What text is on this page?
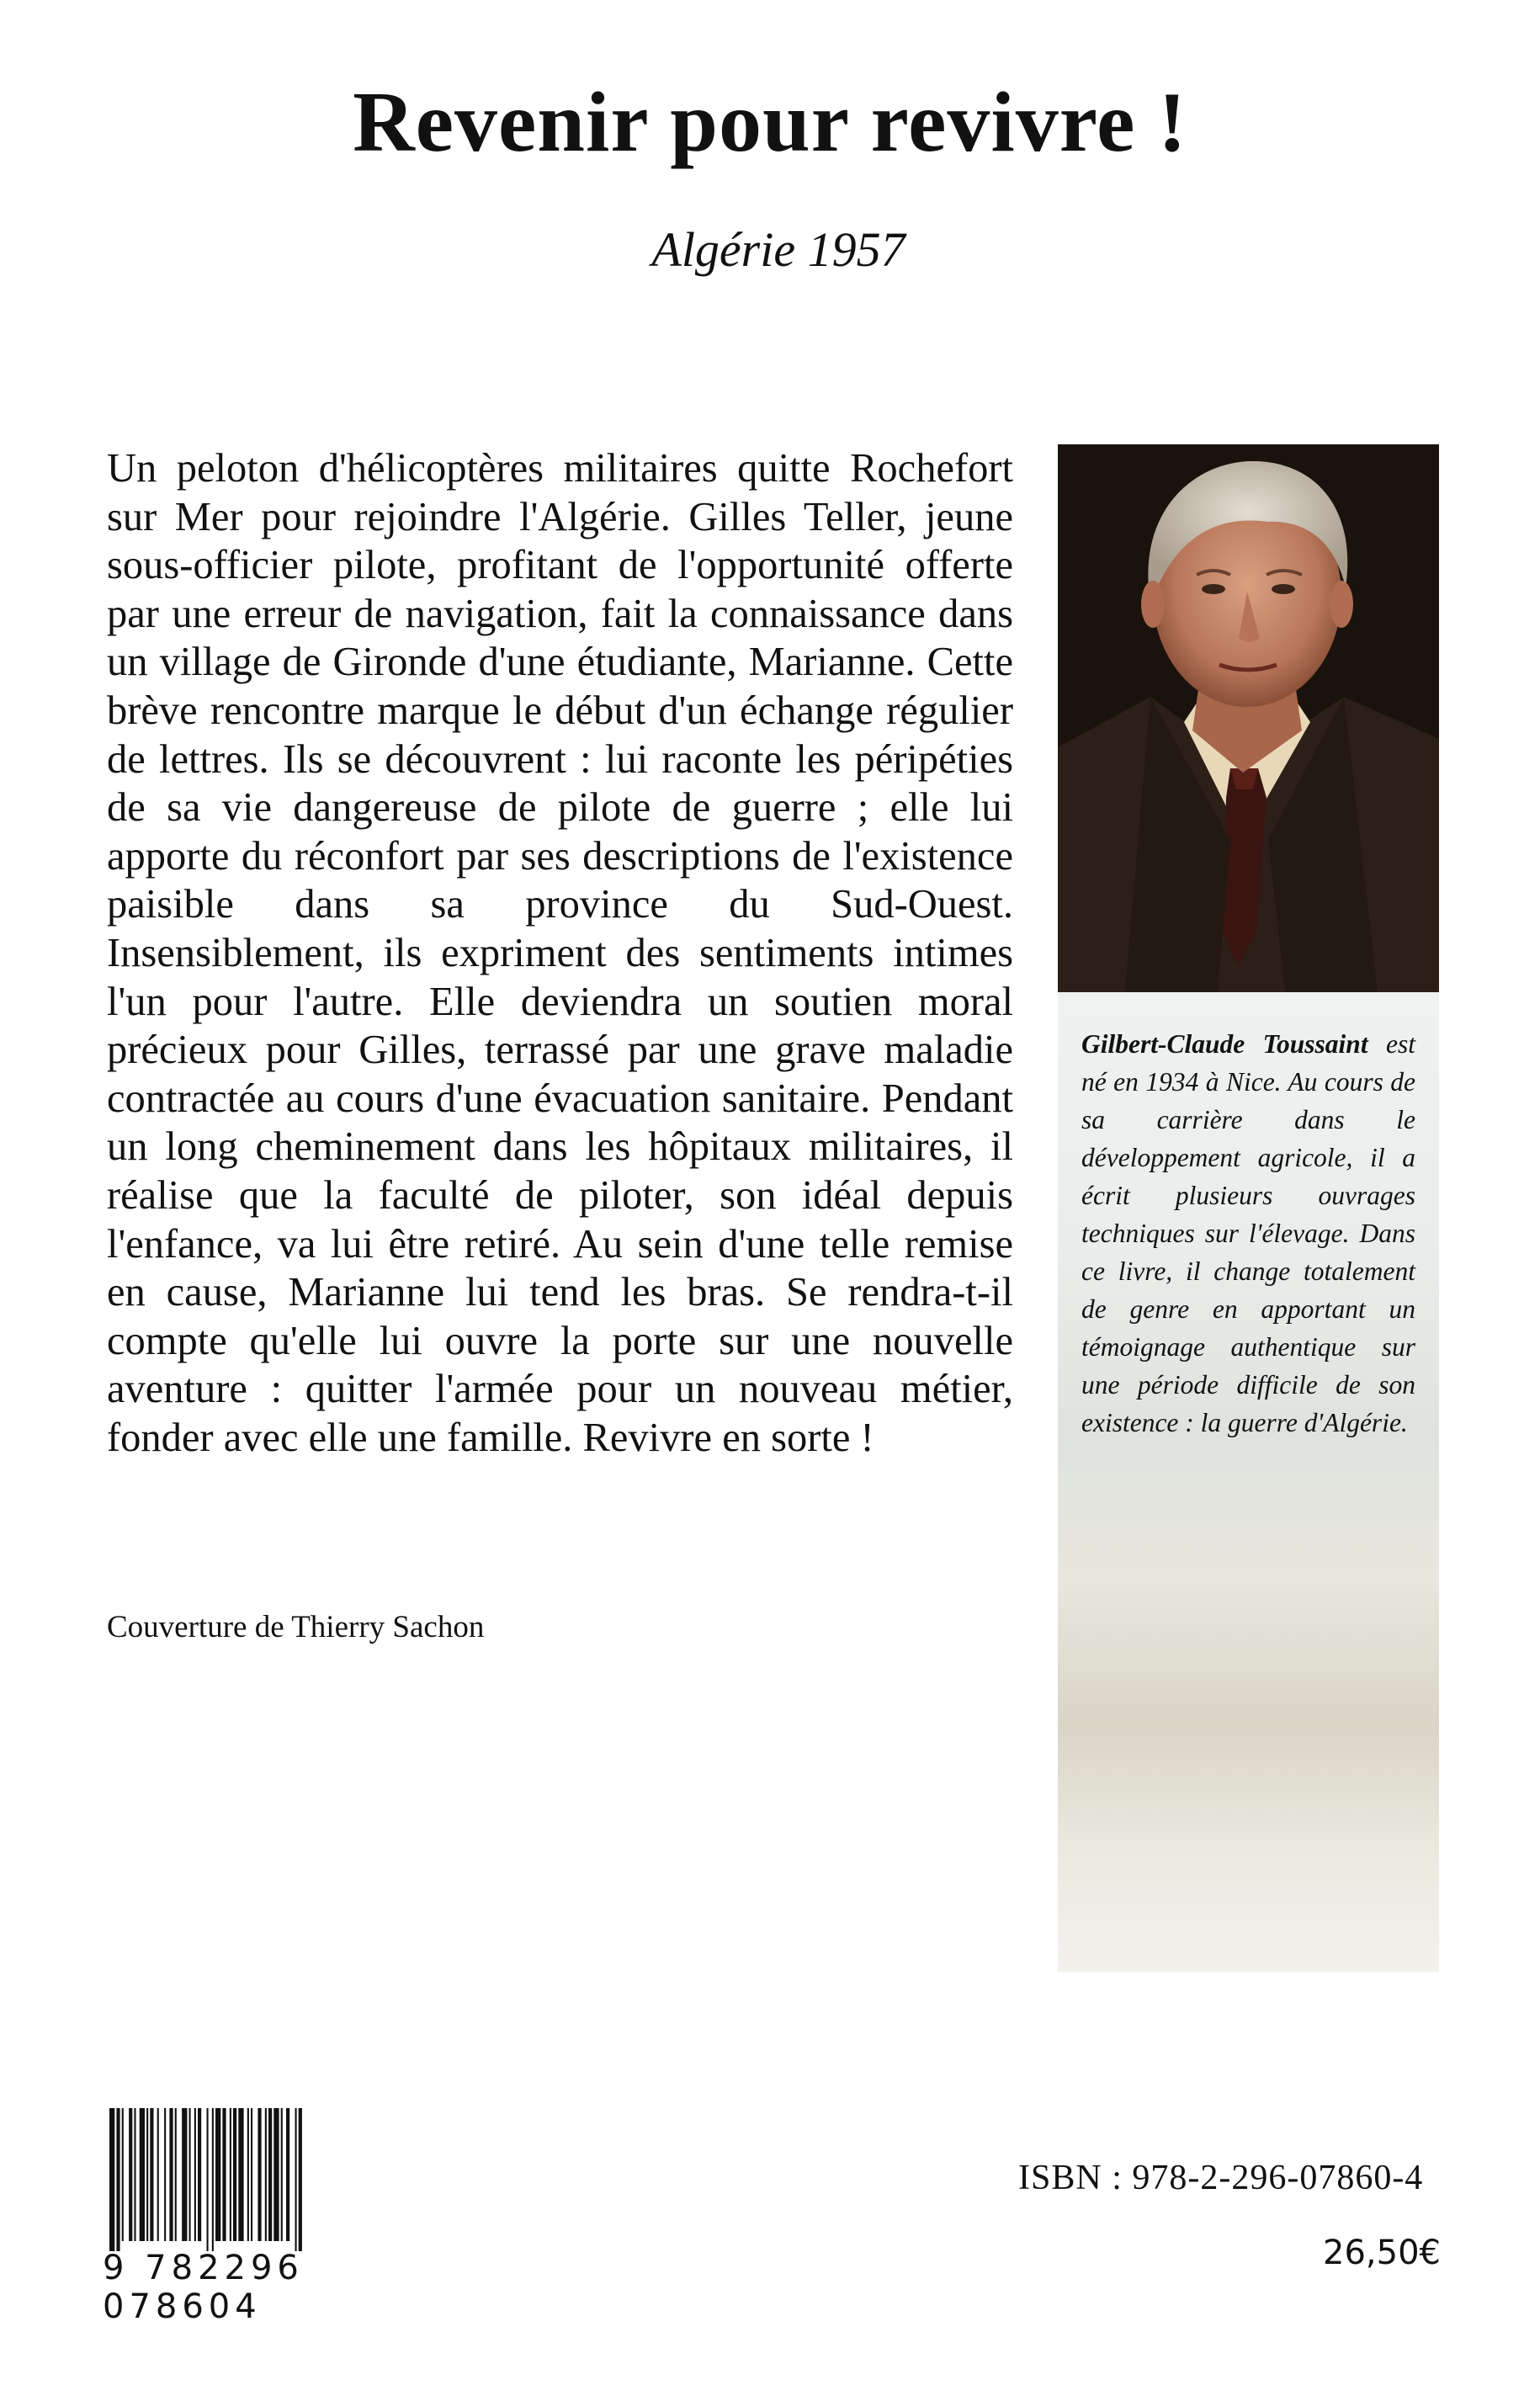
Revenir pour revivre !
Algérie 1957

Un peloton d'hélicoptères militaires quitte Rochefort sur Mer pour rejoindre l'Algérie. Gilles Teller, jeune sous-officier pilote, profitant de l'opportunité offerte par une erreur de navigation, fait la connaissance dans un village de Gironde d'une étudiante, Marianne. Cette brève rencontre marque le début d'un échange régulier de lettres. Ils se découvrent : lui raconte les péripéties de sa vie dangereuse de pilote de guerre ; elle lui apporte du réconfort par ses descriptions de l'existence paisible dans sa province du Sud-Ouest. Insensiblement, ils expriment des sentiments intimes l'un pour l'autre. Elle deviendra un soutien moral précieux pour Gilles, terrassé par une grave maladie contractée au cours d'une évacuation sanitaire. Pendant un long cheminement dans les hôpitaux militaires, il réalise que la faculté de piloter, son idéal depuis l'enfance, va lui être retiré. Au sein d'une telle remise en cause, Marianne lui tend les bras. Se rendra-t-il compte qu'elle lui ouvre la porte sur une nouvelle aventure : quitter l'armée pour un nouveau métier, fonder avec elle une famille. Revivre en sorte !

Couverture de Thierry Sachon
Gilbert-Claude Toussaint est né en 1934 à Nice. Au cours de sa carrière dans le développement agricole, il a écrit plusieurs ouvrages techniques sur l'élevage. Dans ce livre, il change totalement de genre en apportant un témoignage authentique sur une période difficile de son existence : la guerre d'Algérie.
9 782296 078604
ISBN : 978-2-296-07860-4
26,50€
